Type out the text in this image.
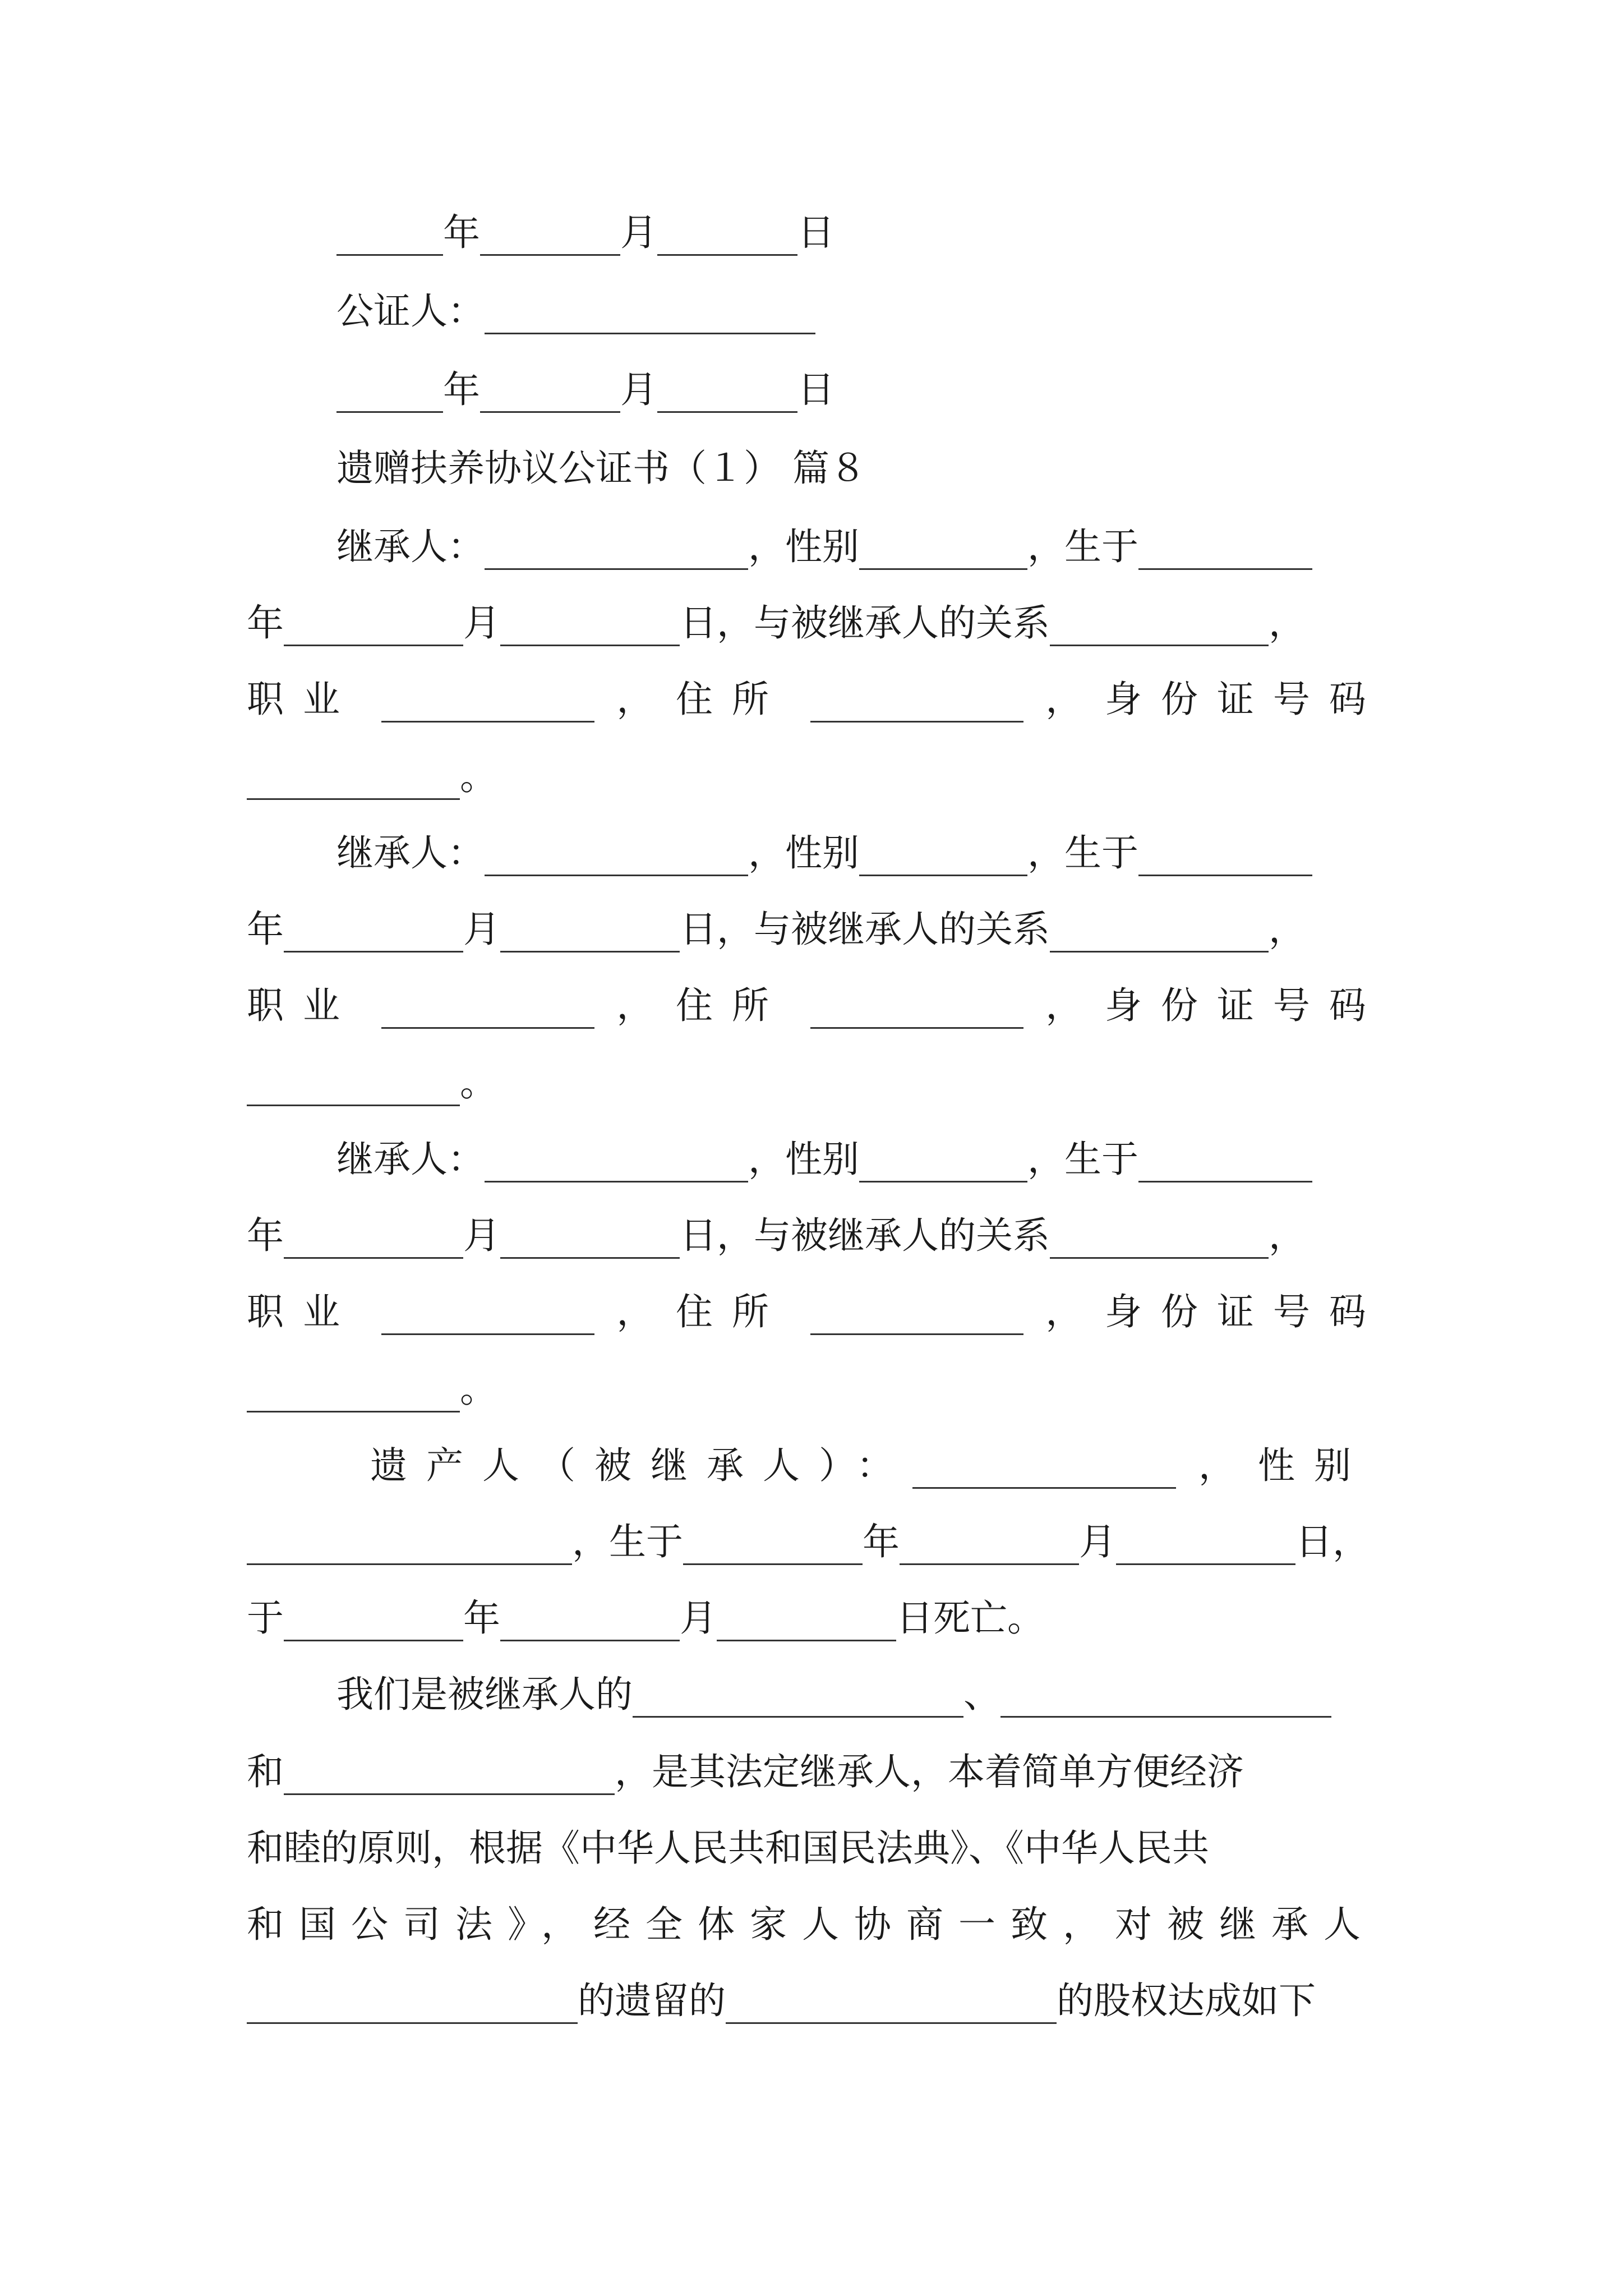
年	月	日
公证人：
年	月	日
遗赠扶养协议公证书（１） 篇８
继承人：	，性别	，生于
年	月	日，与被继承人的关系	，
职业	， 住所	， 身份证号码
。
继承人：	，性别	，生于
年	月	日，与被继承人的关系	，
职业	， 住所	， 身份证号码
。
继承人：	，性别	，生于
年	月	日，与被继承人的关系	，
职业	， 住所	， 身份证号码
。
遗产人（被继承人）：	， 性别
，生于	年	月	日，
于	年	月	日死亡。
我们是被继承人的	、
和	，是其法定继承人，本着简单方便经济
和睦的原则，根据《中华人民共和国民法典》、《中华人民共
和国公司法》，经全体家人协商一致，对被继承人
的遗留的	的股权达成如下
